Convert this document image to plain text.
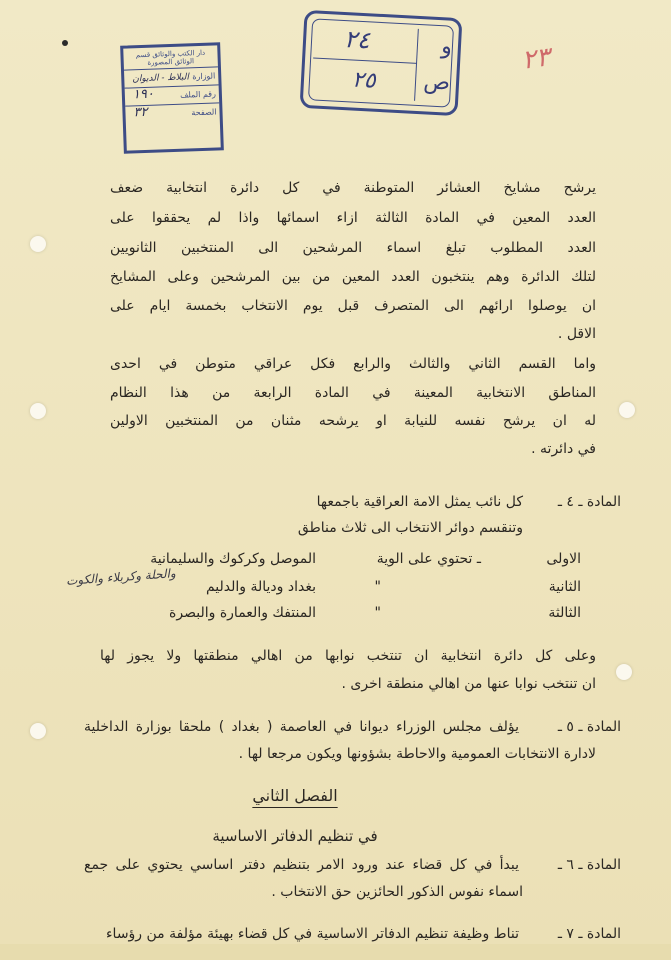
دار الكتب والوثائق قسم الوثائق المصورة
الوزارة
البلاط - الديوان
رقم الملف
١٩٠
الصفحة
٣٢
و
ص
٢٤
٢٥
٢٣
يرشح مشايخ العشائر المتوطنة في كل دائرة انتخابية ضعف
العدد المعين في المادة الثالثة ازاء اسمائها واذا لم يحققوا على
العدد المطلوب تبلغ اسماء المرشحين الى المنتخبين الثانويين
لتلك الدائرة وهم ينتخبون العدد المعين من بين المرشحين وعلى المشايخ
ان يوصلوا ارائهم الى المتصرف قبل يوم الانتخاب بخمسة ايام على
الاقل .
واما القسم الثاني والثالث والرابع فكل عراقي متوطن في احدى
المناطق الانتخابية المعينة في المادة الرابعة من هذا النظام
له ان يرشح نفسه للنيابة او يرشحه مثنان من المنتخبين الاولين
في دائرته .
المادة ـ ٤ ـ
كل نائب يمثل الامة العراقية باجمعها
وتنقسم دوائر الانتخاب الى ثلاث مناطق
الاولى
ـ تحتوي على الوية
الموصل وكركوك والسليمانية
الثانية
"
بغداد وديالة والدليم
والحلة وكربلاء والكوت
الثالثة
"
المنتفك والعمارة والبصرة
وعلى كل دائرة انتخابية ان تنتخب نوابها من اهالي منطقتها ولا يجوز لها
ان تنتخب نوابا عنها من اهالي منطقة اخرى .
المادة ـ ٥ ـ
يؤلف مجلس الوزراء ديوانا في العاصمة ( بغداد ) ملحقا بوزارة الداخلية
لادارة الانتخابات العمومية والاحاطة بشؤونها ويكون مرجعا لها .
الفصل الثاني
في تنظيم الدفاتر الاساسية
المادة ـ ٦ ـ
يبدأ في كل قضاء عند ورود الامر بتنظيم دفتر اساسي يحتوي على جمع
اسماء نفوس الذكور الحائزين حق الانتخاب .
المادة ـ ٧ ـ
تناط وظيفة تنظيم الدفاتر الاساسية في كل قضاء بهيئة مؤلفة من رؤساء
